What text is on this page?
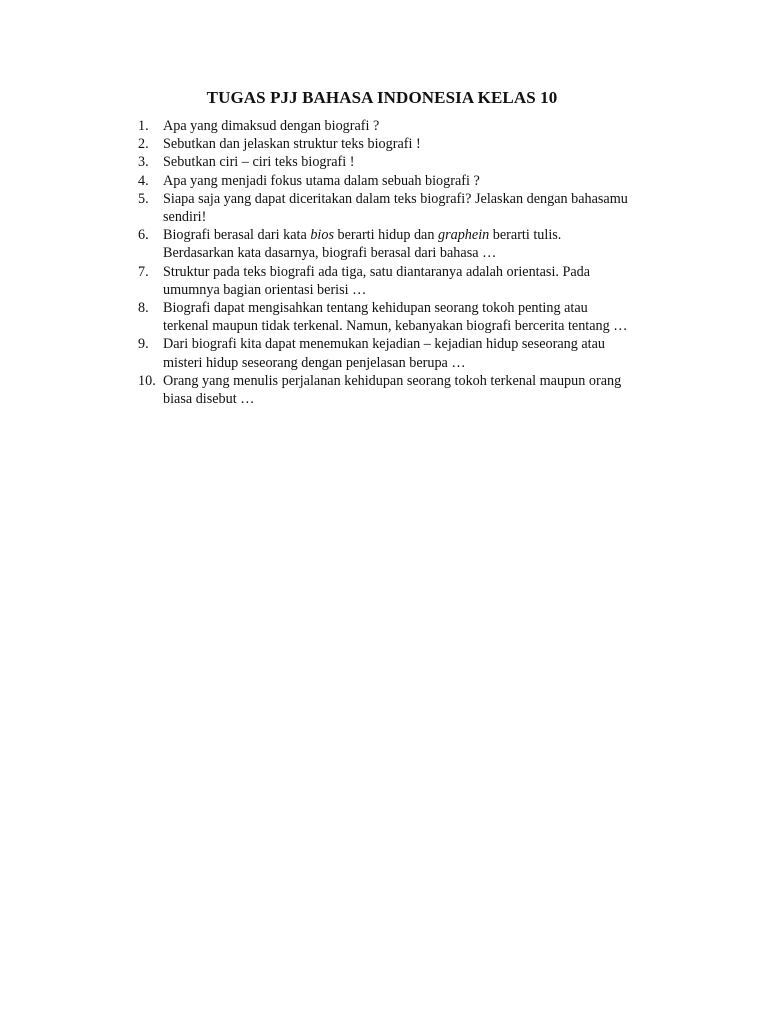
TUGAS PJJ BAHASA INDONESIA KELAS 10
1.	Apa yang dimaksud dengan biografi ?
2.	Sebutkan dan jelaskan struktur teks biografi !
3.	Sebutkan ciri – ciri teks biografi !
4.	Apa yang menjadi fokus utama dalam sebuah biografi ?
5.	Siapa saja yang dapat diceritakan dalam teks biografi? Jelaskan dengan bahasamu
sendiri!
6.	Biografi berasal dari kata bios berarti hidup dan graphein berarti tulis.
Berdasarkan kata dasarnya, biografi berasal dari bahasa …
7.	Struktur pada teks biografi ada tiga, satu diantaranya adalah orientasi. Pada
umumnya bagian orientasi berisi …
8.	Biografi dapat mengisahkan tentang kehidupan seorang tokoh penting atau
terkenal maupun tidak terkenal. Namun, kebanyakan biografi bercerita tentang …
9.	Dari biografi kita dapat menemukan kejadian – kejadian hidup seseorang atau
misteri hidup seseorang dengan penjelasan berupa …
10. Orang yang menulis perjalanan kehidupan seorang tokoh terkenal maupun orang
biasa disebut …
